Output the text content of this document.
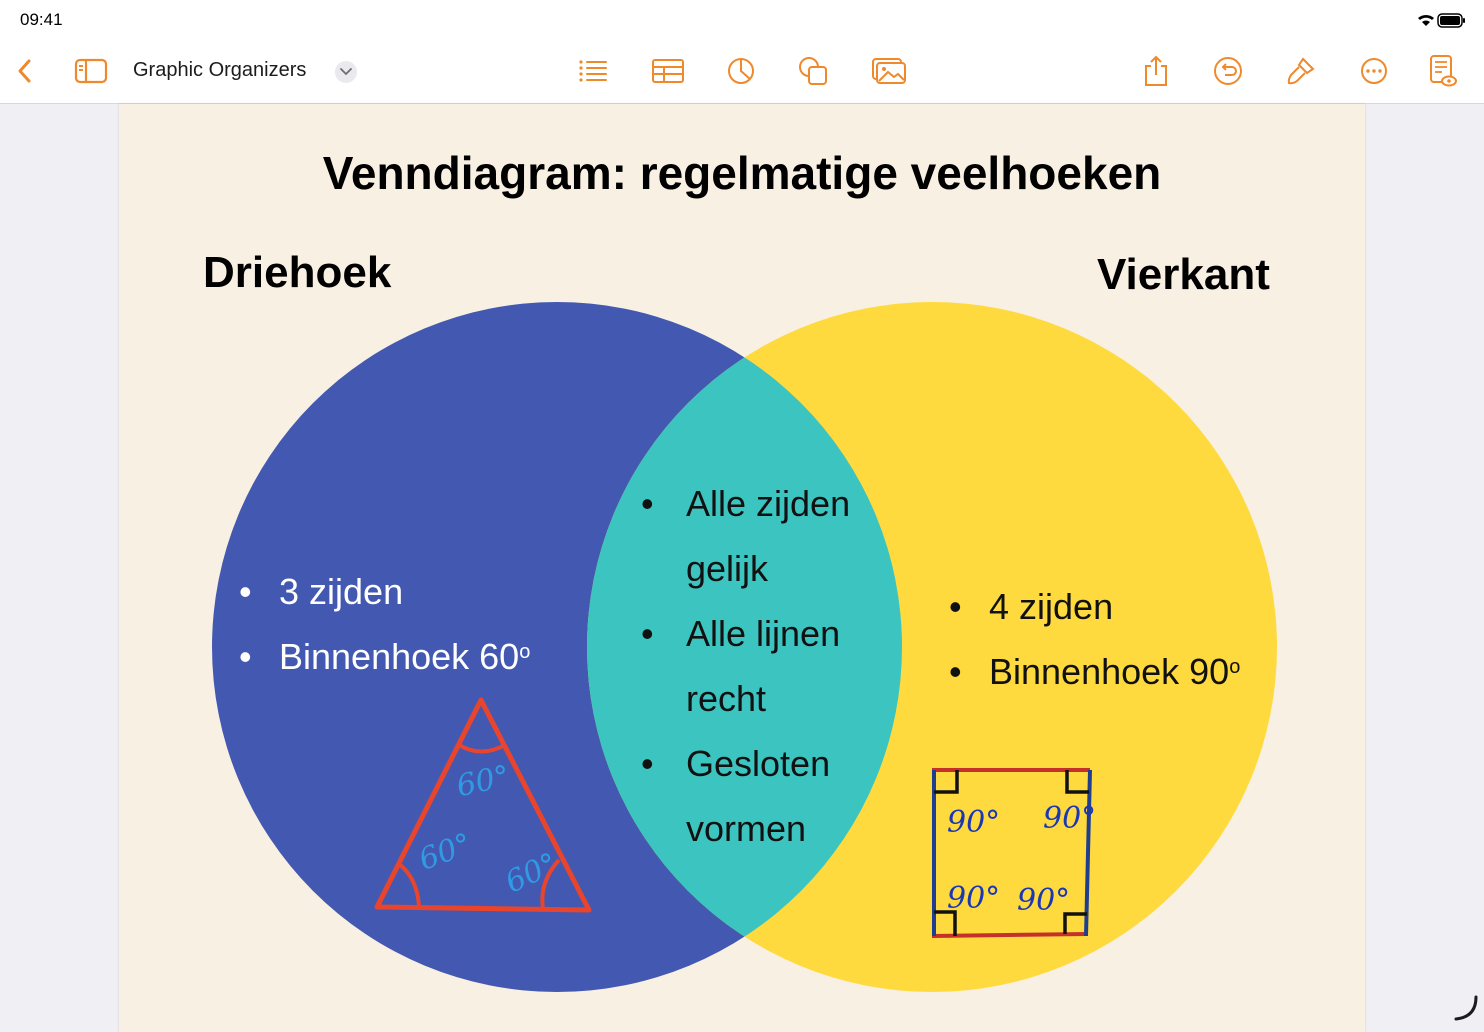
09:41
Graphic Organizers
Venndiagram: regelmatige veelhoeken
60°
60° 60°
90° 90°
90° 90°
Driehoek	Vierkant
• 3 zijden
• Binnenhoek 60$^o$
• Alle zijden gelijk
• Alle lijnen recht
• Gesloten vormen
• 4 zijden
• Binnenhoek 90$^o$
